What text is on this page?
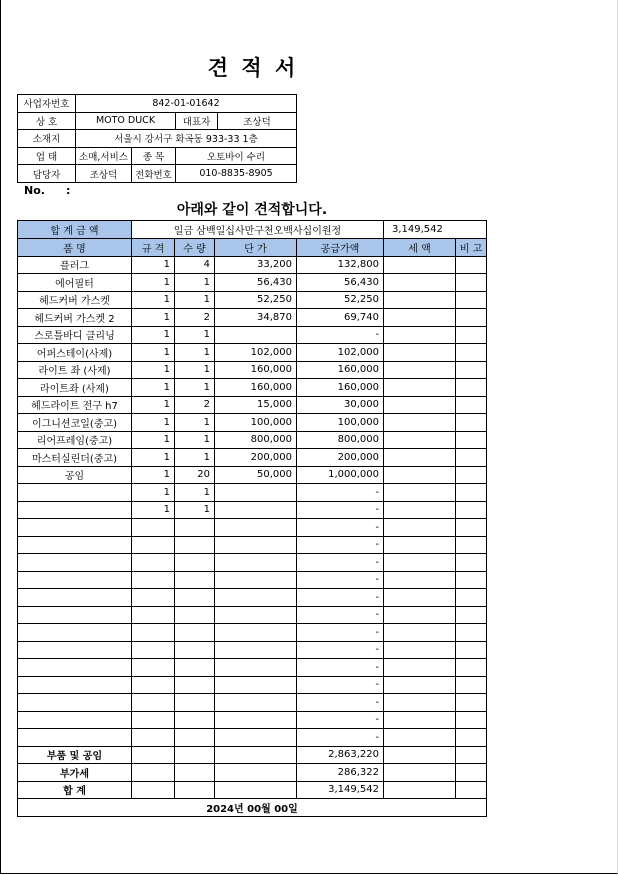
견 적 서
사업자번호	842-01-01642			
상 호	MOTO DUCK		대표자	조상덕
소재지	서울시 강서구 화곡동 933-33 1층			
업 태	소매,서비스	종 목	오토바이 수리	
담당자	조상덕	전화번호	010-8835-8905	
No. :
아래와 같이 견적합니다.
합 계 금 액	일금 삼백일십사만구천오백사십이원정				3,149,542	
품 명	규 격	수 량	단 가	공급가액	세 액	비 고
플러그	1	4	33,200	132,800		
에어필터	1	1	56,430	56,430		
헤드커버 가스켓	1	1	52,250	52,250		
헤드커버 가스켓 2	1	2	34,870	69,740		
스로틀바디 클리닝	1	1		-		
어퍼스테이(사제)	1	1	102,000	102,000		
라이트 좌 (사제)	1	1	160,000	160,000		
라이트좌 (사제)	1	1	160,000	160,000		
헤드라이트 전구 h7	1	2	15,000	30,000		
이그니션코일(중고)	1	1	100,000	100,000		
리어프레임(중고)	1	1	800,000	800,000		
마스터실린더(중고)	1	1	200,000	200,000		
공임	1	20	50,000	1,000,000		
	1	1		-		
	1	1		-		
				-		
				-		
				-		
				-		
				-		
				-		
				-		
				-		
				-		
				-		
				-		
				-		
				-		
부품 및 공임				2,863,220		
부가세				286,322		
합 계				3,149,542		
2024년 00월 00일						
